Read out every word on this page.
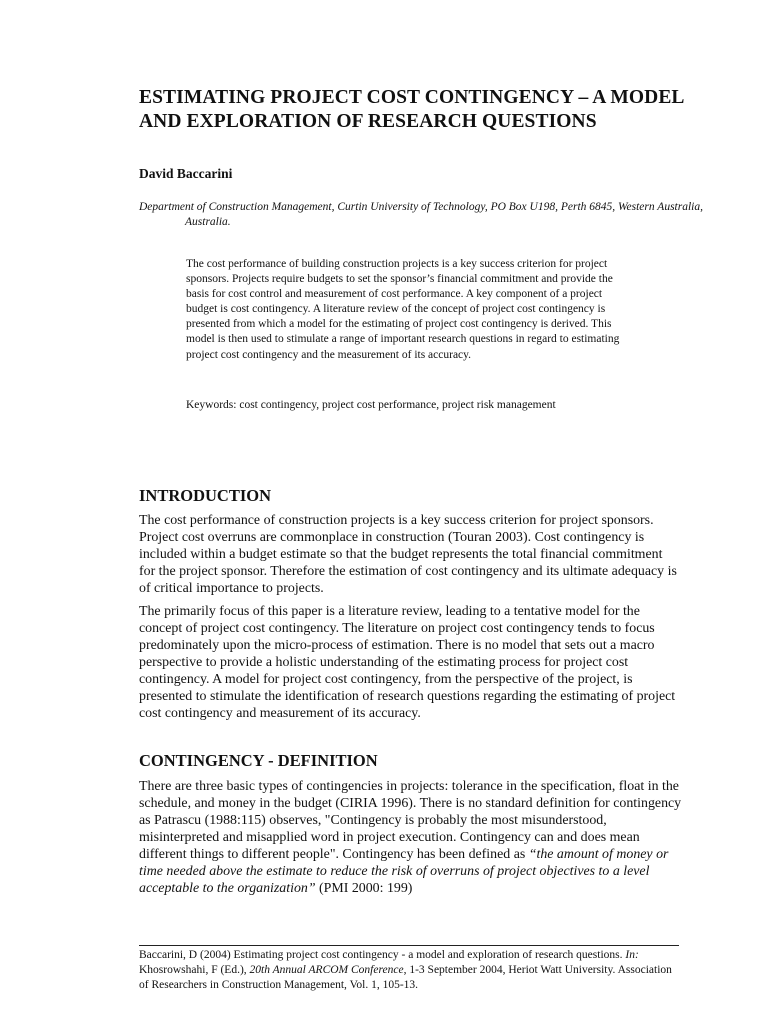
ESTIMATING PROJECT COST CONTINGENCY – A MODEL AND EXPLORATION OF RESEARCH QUESTIONS

David Baccarini

Department of Construction Management, Curtin University of Technology, PO Box U198, Perth 6845, Western Australia, Australia.

The cost performance of building construction projects is a key success criterion for project sponsors. Projects require budgets to set the sponsor’s financial commitment and provide the basis for cost control and measurement of cost performance. A key component of a project budget is cost contingency. A literature review of the concept of project cost contingency is presented from which a model for the estimating of project cost contingency is derived. This model is then used to stimulate a range of important research questions in regard to estimating project cost contingency and the measurement of its accuracy.

Keywords: cost contingency, project cost performance, project risk management

INTRODUCTION

The cost performance of construction projects is a key success criterion for project sponsors. Project cost overruns are commonplace in construction (Touran 2003). Cost contingency is included within a budget estimate so that the budget represents the total financial commitment for the project sponsor. Therefore the estimation of cost contingency and its ultimate adequacy is of critical importance to projects.

The primarily focus of this paper is a literature review, leading to a tentative model for the concept of project cost contingency. The literature on project cost contingency tends to focus predominately upon the micro-process of estimation. There is no model that sets out a macro perspective to provide a holistic understanding of the estimating process for project cost contingency. A model for project cost contingency, from the perspective of the project, is presented to stimulate the identification of research questions regarding the estimating of project cost contingency and measurement of its accuracy.

CONTINGENCY - DEFINITION

There are three basic types of contingencies in projects: tolerance in the specification, float in the schedule, and money in the budget (CIRIA 1996). There is no standard definition for contingency as Patrascu (1988:115) observes, "Contingency is probably the most misunderstood, misinterpreted and misapplied word in project execution. Contingency can and does mean different things to different people". Contingency has been defined as “the amount of money or time needed above the estimate to reduce the risk of overruns of project objectives to a level acceptable to the organization” (PMI 2000: 199)

Baccarini, D (2004) Estimating project cost contingency - a model and exploration of research questions. In: Khosrowshahi, F (Ed.), 20th Annual ARCOM Conference, 1-3 September 2004, Heriot Watt University. Association of Researchers in Construction Management, Vol. 1, 105-13.
